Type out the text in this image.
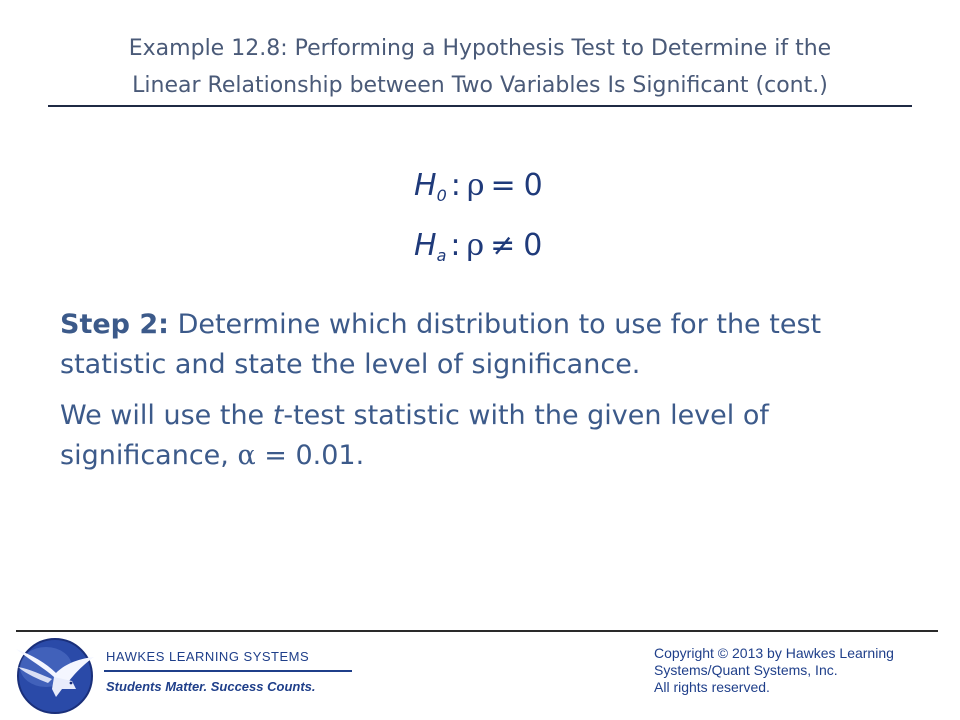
Example 12.8: Performing a Hypothesis Test to Determine if the
Linear Relationship between Two Variables Is Significant (cont.)
$H_0$ : ρ = 0
$H_a$ : ρ ≠ 0

Step 2: Determine which distribution to use for the test statistic and state the level of significance.

We will use the t-test statistic with the given level of significance, α = 0.01.

HAWKES LEARNING SYSTEMS
Students Matter. Success Counts.
Copyright © 2013 by Hawkes Learning
Systems/Quant Systems, Inc.
All rights reserved.
